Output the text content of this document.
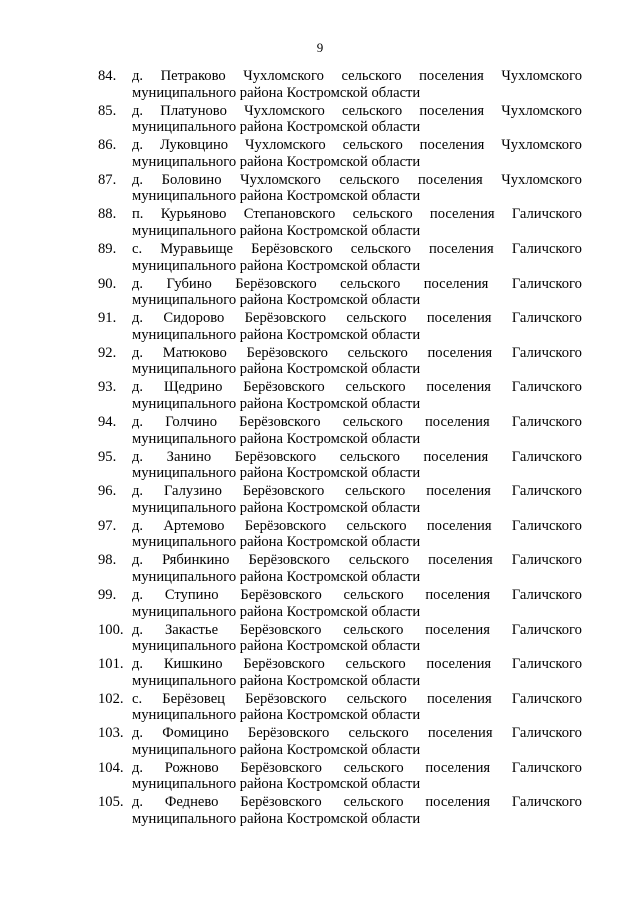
9
84.	д. Петраково Чухломского сельского поселения Чухломского
муниципального района Костромской области
85.	д. Платуново Чухломского сельского поселения Чухломского
муниципального района Костромской области
86.	д. Луковцино Чухломского сельского поселения Чухломского
муниципального района Костромской области
87.	д. Боловино Чухломского сельского поселения Чухломского
муниципального района Костромской области
88.	п. Курьяново Степановского сельского поселения Галичского
муниципального района Костромской области
89.	с. Муравьище Берёзовского сельского поселения Галичского
муниципального района Костромской области
90.	д. Губино Берёзовского сельского поселения Галичского
муниципального района Костромской области
91.	д. Сидорово Берёзовского сельского поселения Галичского
муниципального района Костромской области
92.	д. Матюково Берёзовского сельского поселения Галичского
муниципального района Костромской области
93.	д. Щедрино Берёзовского сельского поселения Галичского
муниципального района Костромской области
94.	д. Голчино Берёзовского сельского поселения Галичского
муниципального района Костромской области
95.	д. Занино Берёзовского сельского поселения Галичского
муниципального района Костромской области
96.	д. Галузино Берёзовского сельского поселения Галичского
муниципального района Костромской области
97.	д. Артемово Берёзовского сельского поселения Галичского
муниципального района Костромской области
98.	д. Рябинкино Берёзовского сельского поселения Галичского
муниципального района Костромской области
99.	д. Ступино Берёзовского сельского поселения Галичского
муниципального района Костромской области
100. д. Закастье Берёзовского сельского поселения Галичского
муниципального района Костромской области
101. д. Кишкино Берёзовского сельского поселения Галичского
муниципального района Костромской области
102. с. Берёзовец Берёзовского сельского поселения Галичского
муниципального района Костромской области
103. д. Фомицино Берёзовского сельского поселения Галичского
муниципального района Костромской области
104. д. Рожново Берёзовского сельского поселения Галичского
муниципального района Костромской области
105. д. Феднево Берёзовского сельского поселения Галичского
муниципального района Костромской области
